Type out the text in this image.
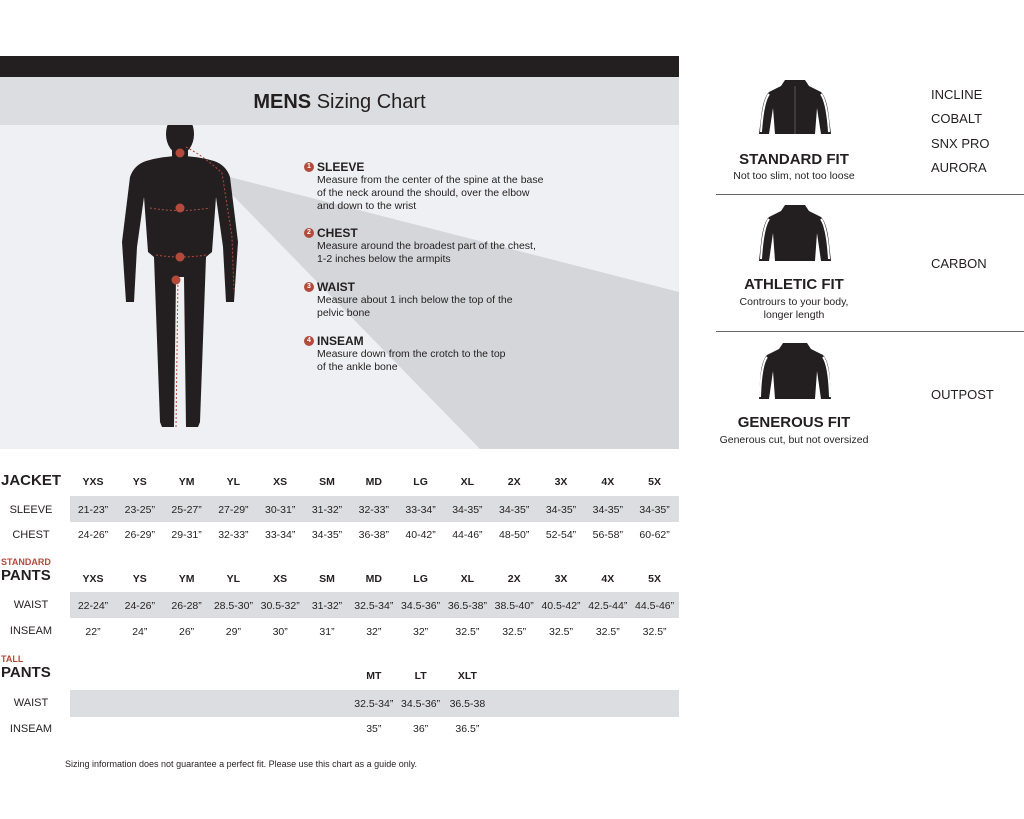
MENS Sizing Chart
1 SLEEVE
Measure from the center of the spine at the base
of the neck around the should, over the elbow
and down to the wrist
2 CHEST
Measure around the broadest part of the chest,
1-2 inches below the armpits
3 WAIST
Measure about 1 inch below the top of the
pelvic bone
4 INSEAM
Measure down from the crotch to the top
of the ankle bone
STANDARD FIT
Not too slim, not too loose
INCLINE
COBALT
SNX PRO
AURORA
ATHLETIC FIT
Contrours to your body,
longer length
CARBON
GENEROUS FIT
Generous cut, but not oversized
OUTPOST
JACKET	YXS	YS	YM	YL	XS	SM	MD	LG	XL	2X	3X	4X	5X
SLEEVE	21-23”	23-25”	25-27”	27-29”	30-31”	31-32”	32-33”	33-34”	34-35”	34-35”	34-35”	34-35”	34-35”
CHEST	24-26”	26-29”	29-31”	32-33”	33-34”	34-35”	36-38”	40-42”	44-46”	48-50”	52-54”	56-58”	60-62”
STANDARD
PANTS	YXS	YS	YM	YL	XS	SM	MD	LG	XL	2X	3X	4X	5X
WAIST	22-24”	24-26”	26-28”	28.5-30” 30.5-32”	31-32”	32.5-34” 34.5-36” 36.5-38” 38.5-40” 40.5-42” 42.5-44” 44.5-46”
INSEAM	22”	24”	26”	29”	30”	31”	32”	32”	32.5”	32.5”	32.5”	32.5”	32.5”
TALL
PANTS	MT	LT	XLT
WAIST	32.5-34” 34.5-36” 36.5-38
INSEAM	35”	36”	36.5”
Sizing information does not guarantee a perfect fit. Please use this chart as a guide only.
